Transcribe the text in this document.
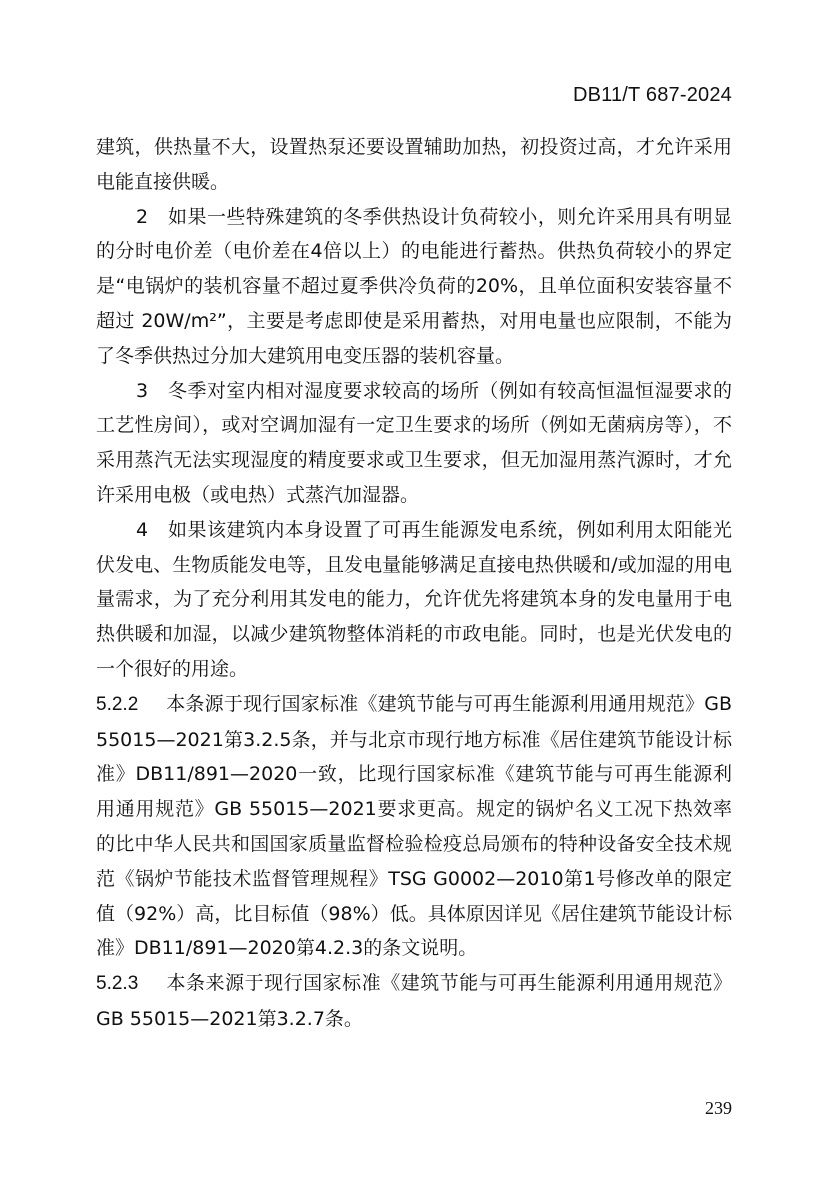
DB11/T 687-2024

建筑，供热量不大，设置热泵还要设置辅助加热，初投资过高，才允许采用电能直接供暖。

2　如果一些特殊建筑的冬季供热设计负荷较小，则允许采用具有明显的分时电价差（电价差在4倍以上）的电能进行蓄热。供热负荷较小的界定是“电锅炉的装机容量不超过夏季供冷负荷的20%，且单位面积安装容量不超过 20W/m²”，主要是考虑即使是采用蓄热，对用电量也应限制，不能为了冬季供热过分加大建筑用电变压器的装机容量。

3　冬季对室内相对湿度要求较高的场所（例如有较高恒温恒湿要求的工艺性房间），或对空调加湿有一定卫生要求的场所（例如无菌病房等），不采用蒸汽无法实现湿度的精度要求或卫生要求，但无加湿用蒸汽源时，才允许采用电极（或电热）式蒸汽加湿器。

4　如果该建筑内本身设置了可再生能源发电系统，例如利用太阳能光伏发电、生物质能发电等，且发电量能够满足直接电热供暖和/或加湿的用电量需求，为了充分利用其发电的能力，允许优先将建筑本身的发电量用于电热供暖和加湿，以减少建筑物整体消耗的市政电能。同时，也是光伏发电的一个很好的用途。

5.2.2 本条源于现行国家标准《建筑节能与可再生能源利用通用规范》GB 55015—2021第3.2.5条，并与北京市现行地方标准《居住建筑节能设计标准》DB11/891—2020一致，比现行国家标准《建筑节能与可再生能源利用通用规范》GB 55015—2021要求更高。规定的锅炉名义工况下热效率的比中华人民共和国国家质量监督检验检疫总局颁布的特种设备安全技术规范《锅炉节能技术监督管理规程》TSG G0002—2010第1号修改单的限定值（92%）高，比目标值（98%）低。具体原因详见《居住建筑节能设计标准》DB11/891—2020第4.2.3的条文说明。

5.2.3 本条来源于现行国家标准《建筑节能与可再生能源利用通用规范》GB 55015—2021第3.2.7条。

239
